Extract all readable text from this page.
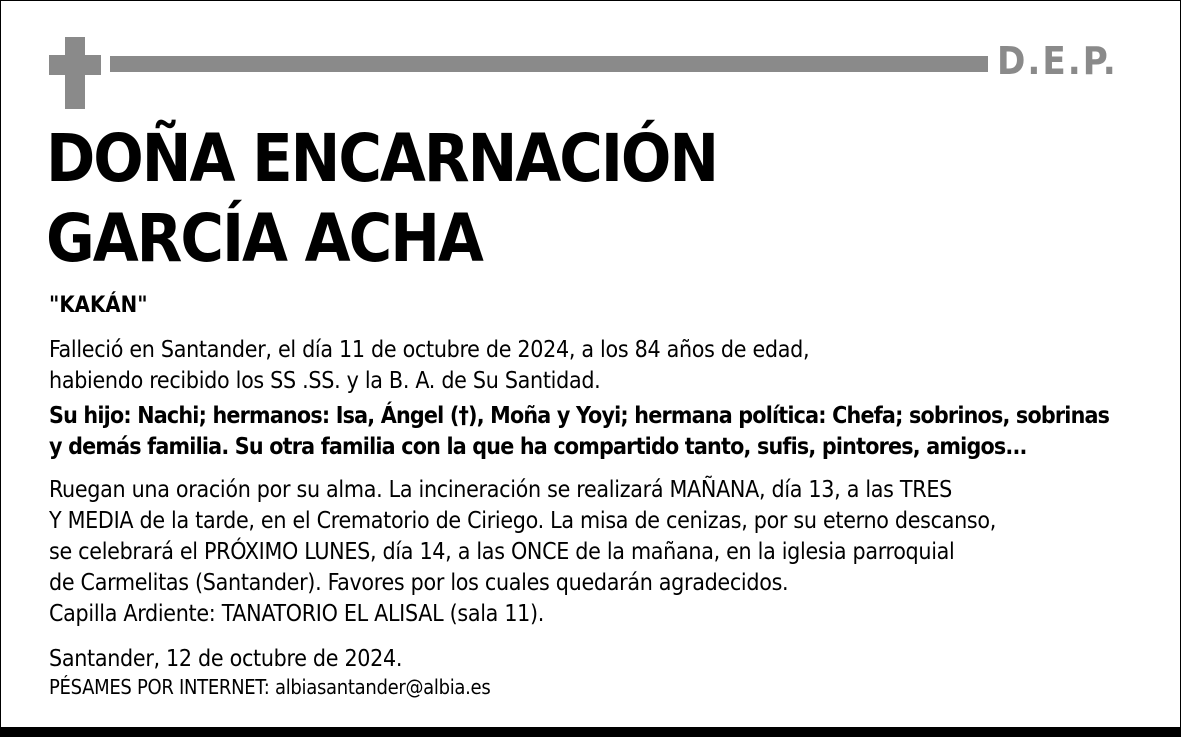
D.E.P.
DOÑA ENCARNACIÓN
GARCÍA ACHA
"KAKÁN"
Falleció en Santander, el día 11 de octubre de 2024, a los 84 años de edad,
habiendo recibido los SS .SS. y la B. A. de Su Santidad.
Su hijo: Nachi; hermanos: Isa, Ángel (†), Moña y Yoyi; hermana política: Chefa; sobrinos, sobrinas
y demás familia. Su otra familia con la que ha compartido tanto, sufis, pintores, amigos...
Ruegan una oración por su alma. La incineración se realizará MAÑANA, día 13, a las TRES
Y MEDIA de la tarde, en el Crematorio de Ciriego. La misa de cenizas, por su eterno descanso,
se celebrará el PRÓXIMO LUNES, día 14, a las ONCE de la mañana, en la iglesia parroquial
de Carmelitas (Santander). Favores por los cuales quedarán agradecidos.
Capilla Ardiente: TANATORIO EL ALISAL (sala 11).
Santander, 12 de octubre de 2024.
PÉSAMES POR INTERNET: albiasantander@albia.es
